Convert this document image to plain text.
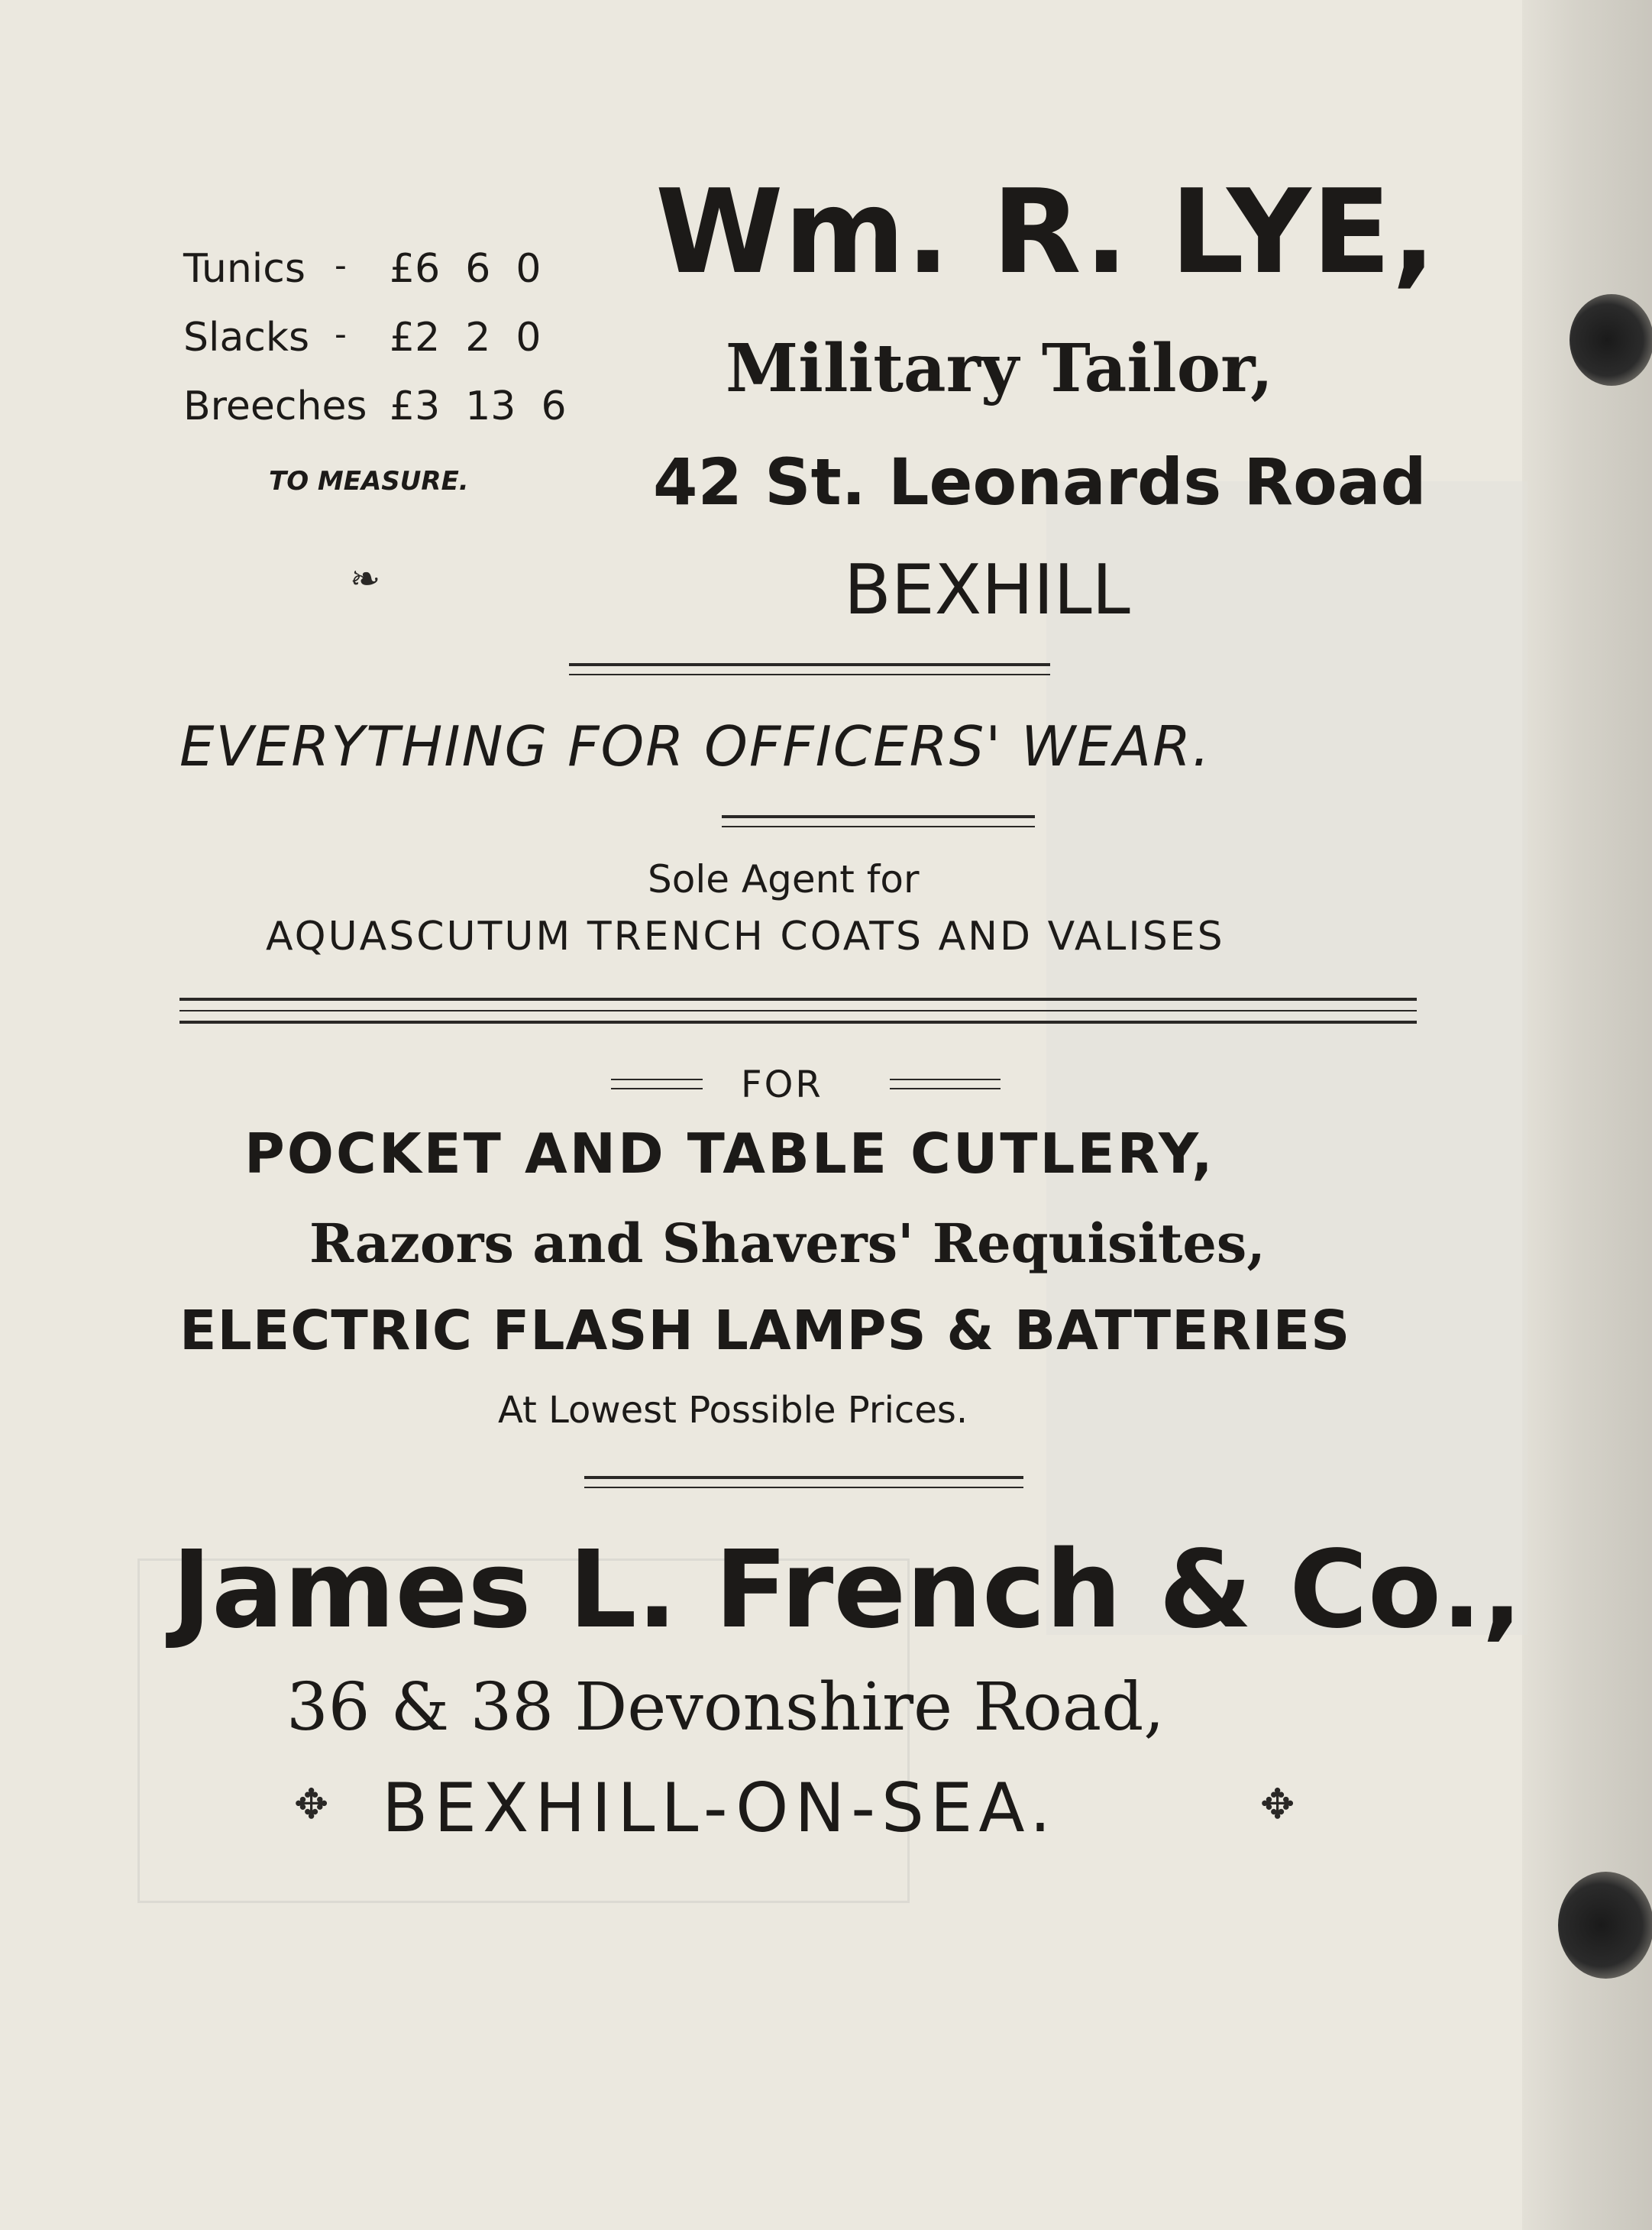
Tunics - £6  6  0
Slacks - £2  2  0
Breeches £3  13  6
TO MEASURE.
❧
Wm. R. LYE,
Military Tailor,
42 St. Leonards Road
BEXHILL
EVERYTHING FOR OFFICERS' WEAR.
Sole Agent for
AQUASCUTUM TRENCH COATS AND VALISES
FOR
POCKET AND TABLE CUTLERY,
Razors and Shavers' Requisites,
ELECTRIC FLASH LAMPS & BATTERIES
At Lowest Possible Prices.
James L. French & Co.,
36 & 38 Devonshire Road,
✥ BEXHILL-ON-SEA.	✥
